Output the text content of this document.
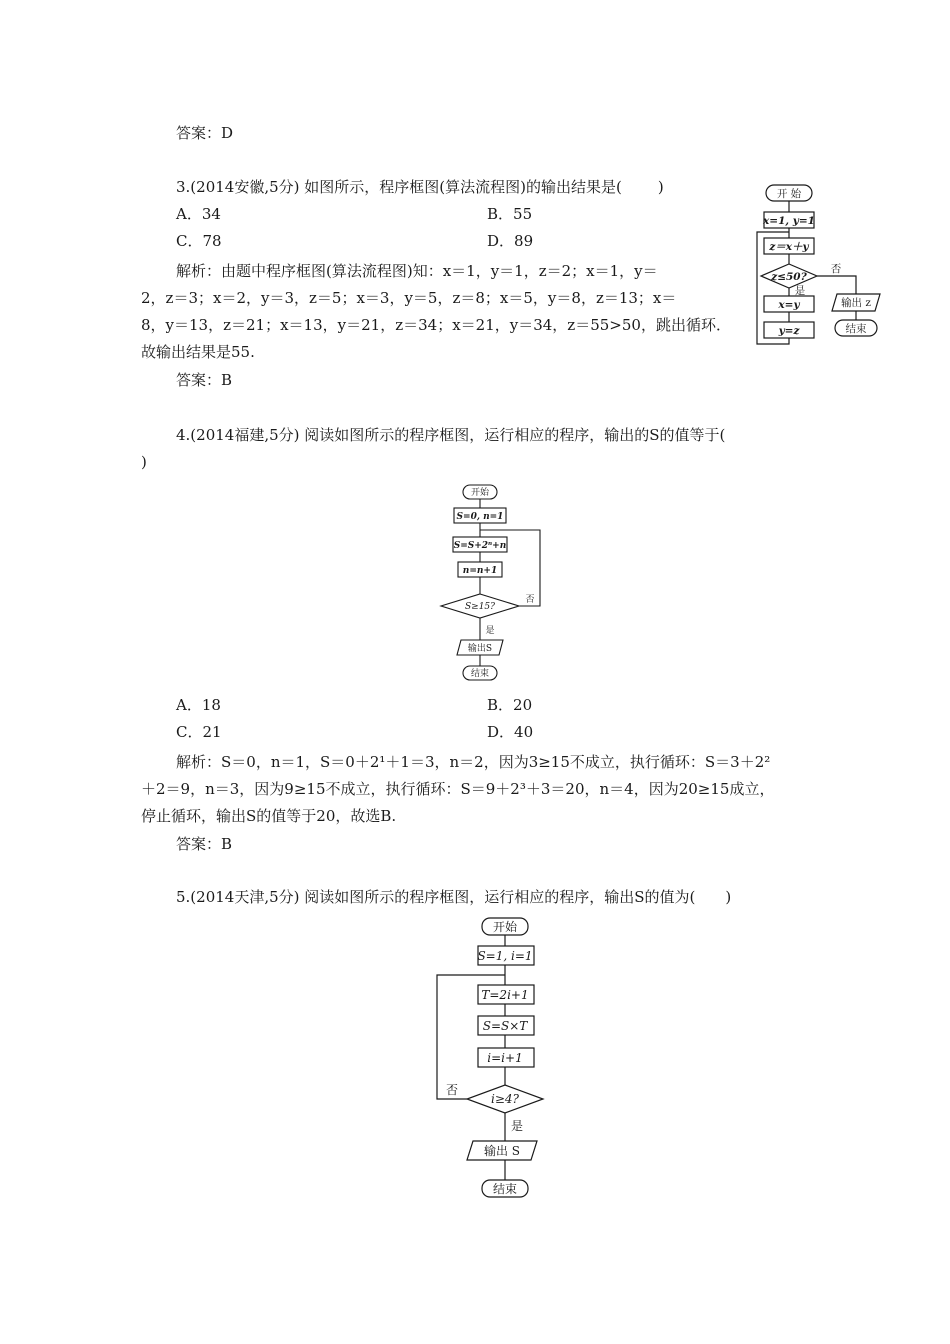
答案：D
3.(2014安徽,5分) 如图所示，程序框图(算法流程图)的输出结果是( )
A．34	B．55
C．78	D．89
解析：由题中程序框图(算法流程图)知：x＝1，y＝1，z＝2；x＝1，y＝
2，z＝3；x＝2，y＝3，z＝5；x＝3，y＝5，z＝8；x＝5，y＝8，z＝13；x＝
8，y＝13，z＝21；x＝13，y＝21，z＝34；x＝21，y＝34，z＝55>50，跳出循环．
故输出结果是55.
答案：B
开 始
x=1, y=1
z＝x＋y
z≤50?
否
是
x=y
y=z
输出 z
结束
4.(2014福建,5分) 阅读如图所示的程序框图，运行相应的程序，输出的S的值等于(
)
开始
S=0, n=1
S=S+2ⁿ+n
n=n+1
S≥15?
否
是
输出S
结束
A．18	B．20
C．21	D．40
解析：S＝0，n＝1，S＝0＋2¹＋1＝3，n＝2，因为3≥15不成立，执行循环：S＝3＋2²
＋2＝9，n＝3，因为9≥15不成立，执行循环：S＝9＋2³＋3＝20，n＝4，因为20≥15成立，
停止循环，输出S的值等于20，故选B.
答案：B
5.(2014天津,5分) 阅读如图所示的程序框图，运行相应的程序，输出S的值为( )
开始
S=1, i=1
T=2i+1
S=S×T
i=i+1
i≥4?
否
是
输出 S
结束
